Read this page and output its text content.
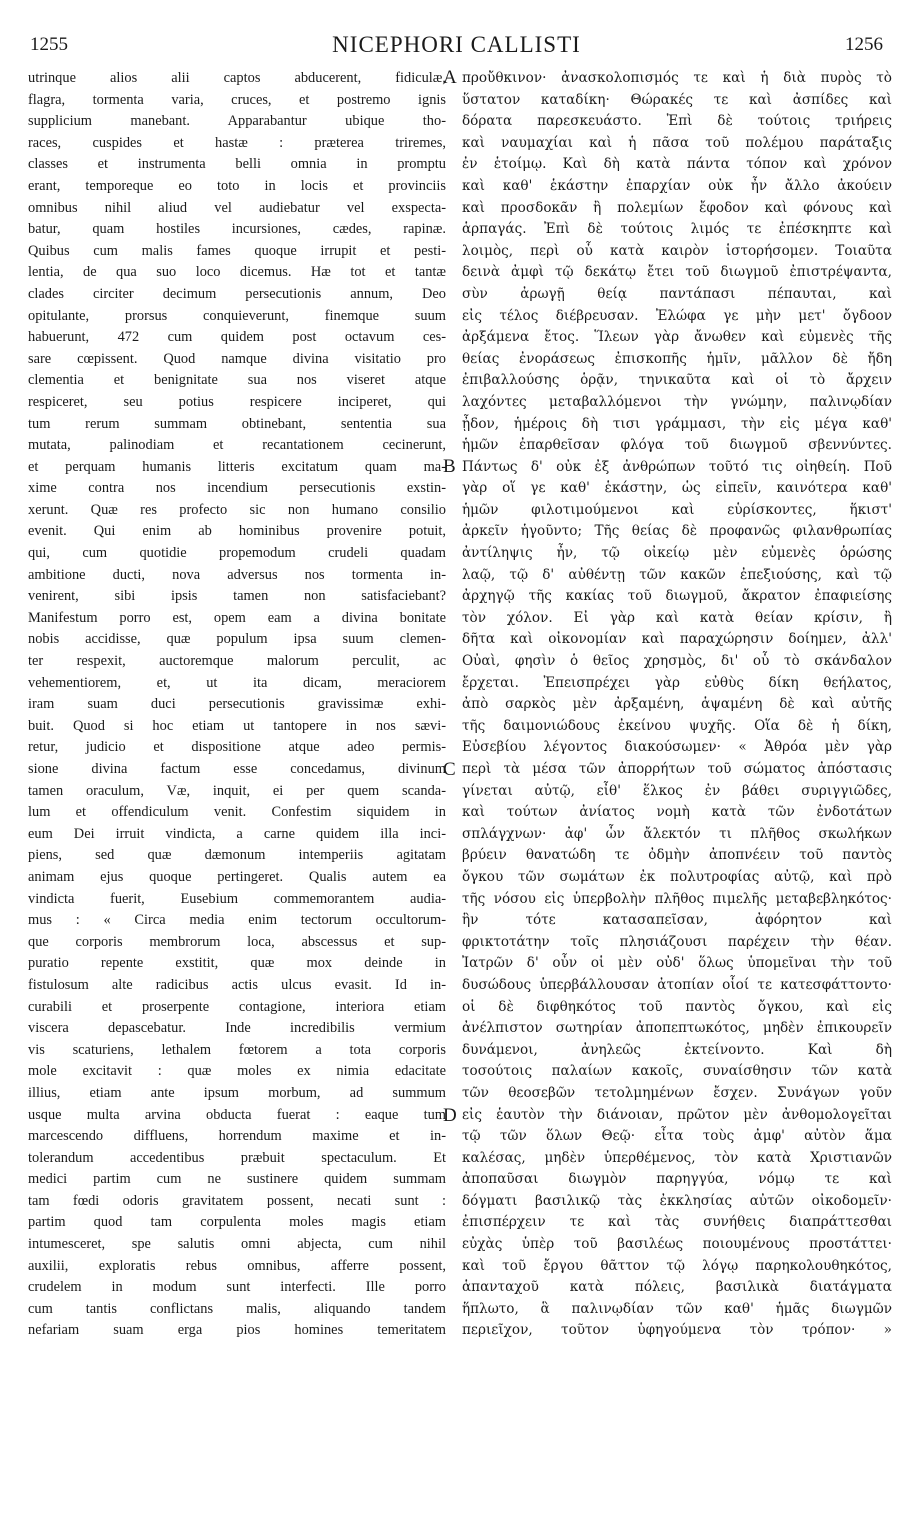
1255	NICEPHORI CALLISTI	1256
A
B
C
D
utrinque alios alii captos abducerent, fidiculæ,
flagra, tormenta varia, cruces, et postremo ignis
supplicium manebant. Apparabantur ubique tho-
races, cuspides et hastæ : præterea triremes,
classes et instrumenta belli omnia in promptu
erant, temporeque eo toto in locis et provinciis
omnibus nihil aliud vel audiebatur vel exspecta-
batur, quam hostiles incursiones, cædes, rapinæ.
Quibus cum malis fames quoque irrupit et pesti-
lentia, de qua suo loco dicemus. Hæ tot et tantæ
clades circiter decimum persecutionis annum, Deo
opitulante, prorsus conquieverunt, finemque suum
habuerunt, 472 cum quidem post octavum ces-
sare cœpissent. Quod namque divina visitatio pro
clementia et benignitate sua nos viseret atque
respiceret, seu potius respicere inciperet, qui
tum rerum summam obtinebant, sententia sua
mutata, palinodiam et recantationem cecinerunt,
et perquam humanis litteris excitatum quam ma-
xime contra nos incendium persecutionis exstin-
xerunt. Quæ res profecto sic non humano consilio
evenit. Qui enim ab hominibus provenire potuit,
qui, cum quotidie propemodum crudeli quadam
ambitione ducti, nova adversus nos tormenta in-
venirent, sibi ipsis tamen non satisfaciebant?
Manifestum porro est, opem eam a divina bonitate
nobis accidisse, quæ populum ipsa suum clemen-
ter respexit, auctoremque malorum perculit, ac
vehementiorem, et, ut ita dicam, meraciorem
iram suam duci persecutionis gravissimæ exhi-
buit. Quod si hoc etiam ut tantopere in nos sævi-
retur, judicio et dispositione atque adeo permis-
sione divina factum esse concedamus, divinum
tamen oraculum, Væ, inquit, ei per quem scanda-
lum et offendiculum venit. Confestim siquidem in
eum Dei irruit vindicta, a carne quidem illa inci-
piens, sed quæ dæmonum intemperiis agitatam
animam ejus quoque pertingeret. Qualis autem ea
vindicta fuerit, Eusebium commemorantem audia-
mus : « Circa media enim tectorum occultorum-
que corporis membrorum loca, abscessus et sup-
puratio repente exstitit, quæ mox deinde in
fistulosum alte radicibus actis ulcus evasit. Id in-
curabili et proserpente contagione, interiora etiam
viscera depascebatur. Inde incredibilis vermium
vis scaturiens, lethalem fœtorem a tota corporis
mole excitavit : quæ moles ex nimia edacitate
illius, etiam ante ipsum morbum, ad summum
usque multa arvina obducta fuerat : eaque tum
marcescendo diffluens, horrendum maxime et in-
tolerandum accedentibus præbuit spectaculum. Et
medici partim cum ne sustinere quidem summam
tam fœdi odoris gravitatem possent, necati sunt :
partim quod tam corpulenta moles magis etiam
intumesceret, spe salutis omni abjecta, cum nihil
auxilii, exploratis rebus omnibus, afferre possent,
crudelem in modum sunt interfecti. Ille porro
cum tantis conflictans malis, aliquando tandem
nefariam suam erga pios homines temeritatem
προὔθκινον· ἀνασκολοπισμός τε καὶ ἡ διὰ πυρὸς τὸ
ὕστατον καταδίκη· Θώρακές τε καὶ ἀσπίδες καὶ
δόρατα παρεσκευάστο. Ἐπὶ δὲ τούτοις τριήρεις
καὶ ναυμαχίαι καὶ ἡ πᾶσα τοῦ πολέμου παράταξις
ἐν ἑτοίμῳ. Καὶ δὴ κατὰ πάντα τόπον καὶ χρόνον
καὶ καθ' ἑκάστην ἐπαρχίαν οὐκ ἦν ἄλλο ἀκούειν
καὶ προσδοκᾶν ἢ πολεμίων ἔφοδον καὶ φόνους καὶ
ἁρπαγάς. Ἐπὶ δὲ τούτοις λιμός τε ἐπέσκηπτε καὶ
λοιμὸς, περὶ οὗ κατὰ καιρὸν ἱστορήσομεν. Τοιαῦτα
δεινὰ ἀμφὶ τῷ δεκάτῳ ἔτει τοῦ διωγμοῦ ἐπιστρέψαντα,
σὺν ἀρωγῇ θείᾳ παντάπασι πέπαυται, καὶ
εἰς τέλος διέβρευσαν. Ἐλώφα γε μὴν μετ' ὄγδοον
ἀρξάμενα ἔτος. Ἵλεων γὰρ ἄνωθεν καὶ εὐμενὲς τῆς
θείας ἐνοράσεως ἐπισκοπῆς ἡμῖν, μᾶλλον δὲ ἤδη
ἐπιβαλλούσης ὁρᾷν, τηνικαῦτα καὶ οἱ τὸ ἄρχειν
λαχόντες μεταβαλλόμενοι τὴν γνώμην, παλινῳδίαν
ᾖδον, ἡμέροις δὴ τισι γράμμασι, τὴν εἰς μέγα καθ'
ἡμῶν ἐπαρθεῖσαν φλόγα τοῦ διωγμοῦ σβεννύντες.
Πάντως δ' οὐκ ἐξ ἀνθρώπων τοῦτό τις οἰηθείη. Ποῦ
γὰρ οἵ γε καθ' ἑκάστην, ὡς εἰπεῖν, καινότερα καθ'
ἡμῶν φιλοτιμούμενοι καὶ εὑρίσκοντες, ἥκιστ'
ἀρκεῖν ἡγοῦντο; Τῆς θείας δὲ προφανῶς φιλανθρωπίας
ἀντίληψις ἦν, τῷ οἰκείῳ μὲν εὐμενὲς ὁρώσης
λαῷ, τῷ δ' αὐθέντῃ τῶν κακῶν ἐπεξιούσης, καὶ τῷ
ἀρχηγῷ τῆς κακίας τοῦ διωγμοῦ, ἄκρατον ἐπαφιείσης
τὸν χόλον. Εἰ γὰρ καὶ κατὰ θείαν κρίσιν, ἢ
δῆτα καὶ οἰκονομίαν καὶ παραχώρησιν δοίημεν, ἀλλ'
Οὐαὶ, φησὶν ὁ θεῖος χρησμὸς, δι' οὗ τὸ σκάνδαλον
ἔρχεται. Ἐπεισπρέχει γὰρ εὐθὺς δίκη θεήλατος,
ἀπὸ σαρκὸς μὲν ἀρξαμένη, ἁψαμένη δὲ καὶ αὐτῆς
τῆς δαιμονιώδους ἐκείνου ψυχῆς. Οἵα δὲ ἡ δίκη,
Εὐσεβίου λέγοντος διακούσωμεν· « Ἀθρόα μὲν γὰρ
περὶ τὰ μέσα τῶν ἀπορρήτων τοῦ σώματος ἀπόστασις
γίνεται αὐτῷ, εἶθ' ἕλκος ἐν βάθει συριγγιῶδες,
καὶ τούτων ἀνίατος νομὴ κατὰ τῶν ἐνδοτάτων
σπλάγχνων· ἀφ' ὧν ἄλεκτόν τι πλῆθος σκωλήκων
βρύειν θανατώδη τε ὀδμὴν ἀποπνέειν τοῦ παντὸς
ὄγκου τῶν σωμάτων ἐκ πολυτροφίας αὐτῷ, καὶ πρὸ
τῆς νόσου εἰς ὑπερβολὴν πλῆθος πιμελῆς μεταβεβληκότος·
ἣν τότε κατασαπεῖσαν, ἀφόρητον καὶ
φρικτοτάτην τοῖς πλησιάζουσι παρέχειν τὴν θέαν.
Ἰατρῶν δ' οὖν οἱ μὲν οὐδ' ὅλως ὑπομεῖναι τὴν τοῦ
δυσώδους ὑπερβάλλουσαν ἀτοπίαν οἷοί τε κατεσφάττοντο·
οἱ δὲ διφθηκότος τοῦ παντὸς ὄγκου, καὶ εἰς
ἀνέλπιστον σωτηρίαν ἀποπεπτωκότος, μηδὲν ἐπικουρεῖν
δυνάμενοι, ἀνηλεῶς ἐκτείνοντο. Καὶ δὴ
τοσούτοις παλαίων κακοῖς, συναίσθησιν τῶν κατὰ
τῶν θεοσεβῶν τετολμημένων ἔσχεν. Συνάγων γοῦν
εἰς ἑαυτὸν τὴν διάνοιαν, πρῶτον μὲν ἀνθομολογεῖται
τῷ τῶν ὅλων Θεῷ· εἶτα τοὺς ἀμφ' αὐτὸν ἅμα
καλέσας, μηδὲν ὑπερθέμενος, τὸν κατὰ Χριστιανῶν
ἀποπαῦσαι διωγμὸν παρηγγύα, νόμῳ τε καὶ
δόγματι βασιλικῷ τὰς ἐκκλησίας αὐτῶν οἰκοδομεῖν·
ἐπισπέρχειν τε καὶ τὰς συνήθεις διαπράττεσθαι
εὐχὰς ὑπὲρ τοῦ βασιλέως ποιουμένους προστάττει·
καὶ τοῦ ἔργου θᾶττον τῷ λόγῳ παρηκολουθηκότος,
ἁπανταχοῦ κατὰ πόλεις, βασιλικὰ διατάγματα
ἥπλωτο, ἃ παλινῳδίαν τῶν καθ' ἡμᾶς διωγμῶν
περιεῖχον, τοῦτον ὑφηγούμενα τὸν τρόπον· »
